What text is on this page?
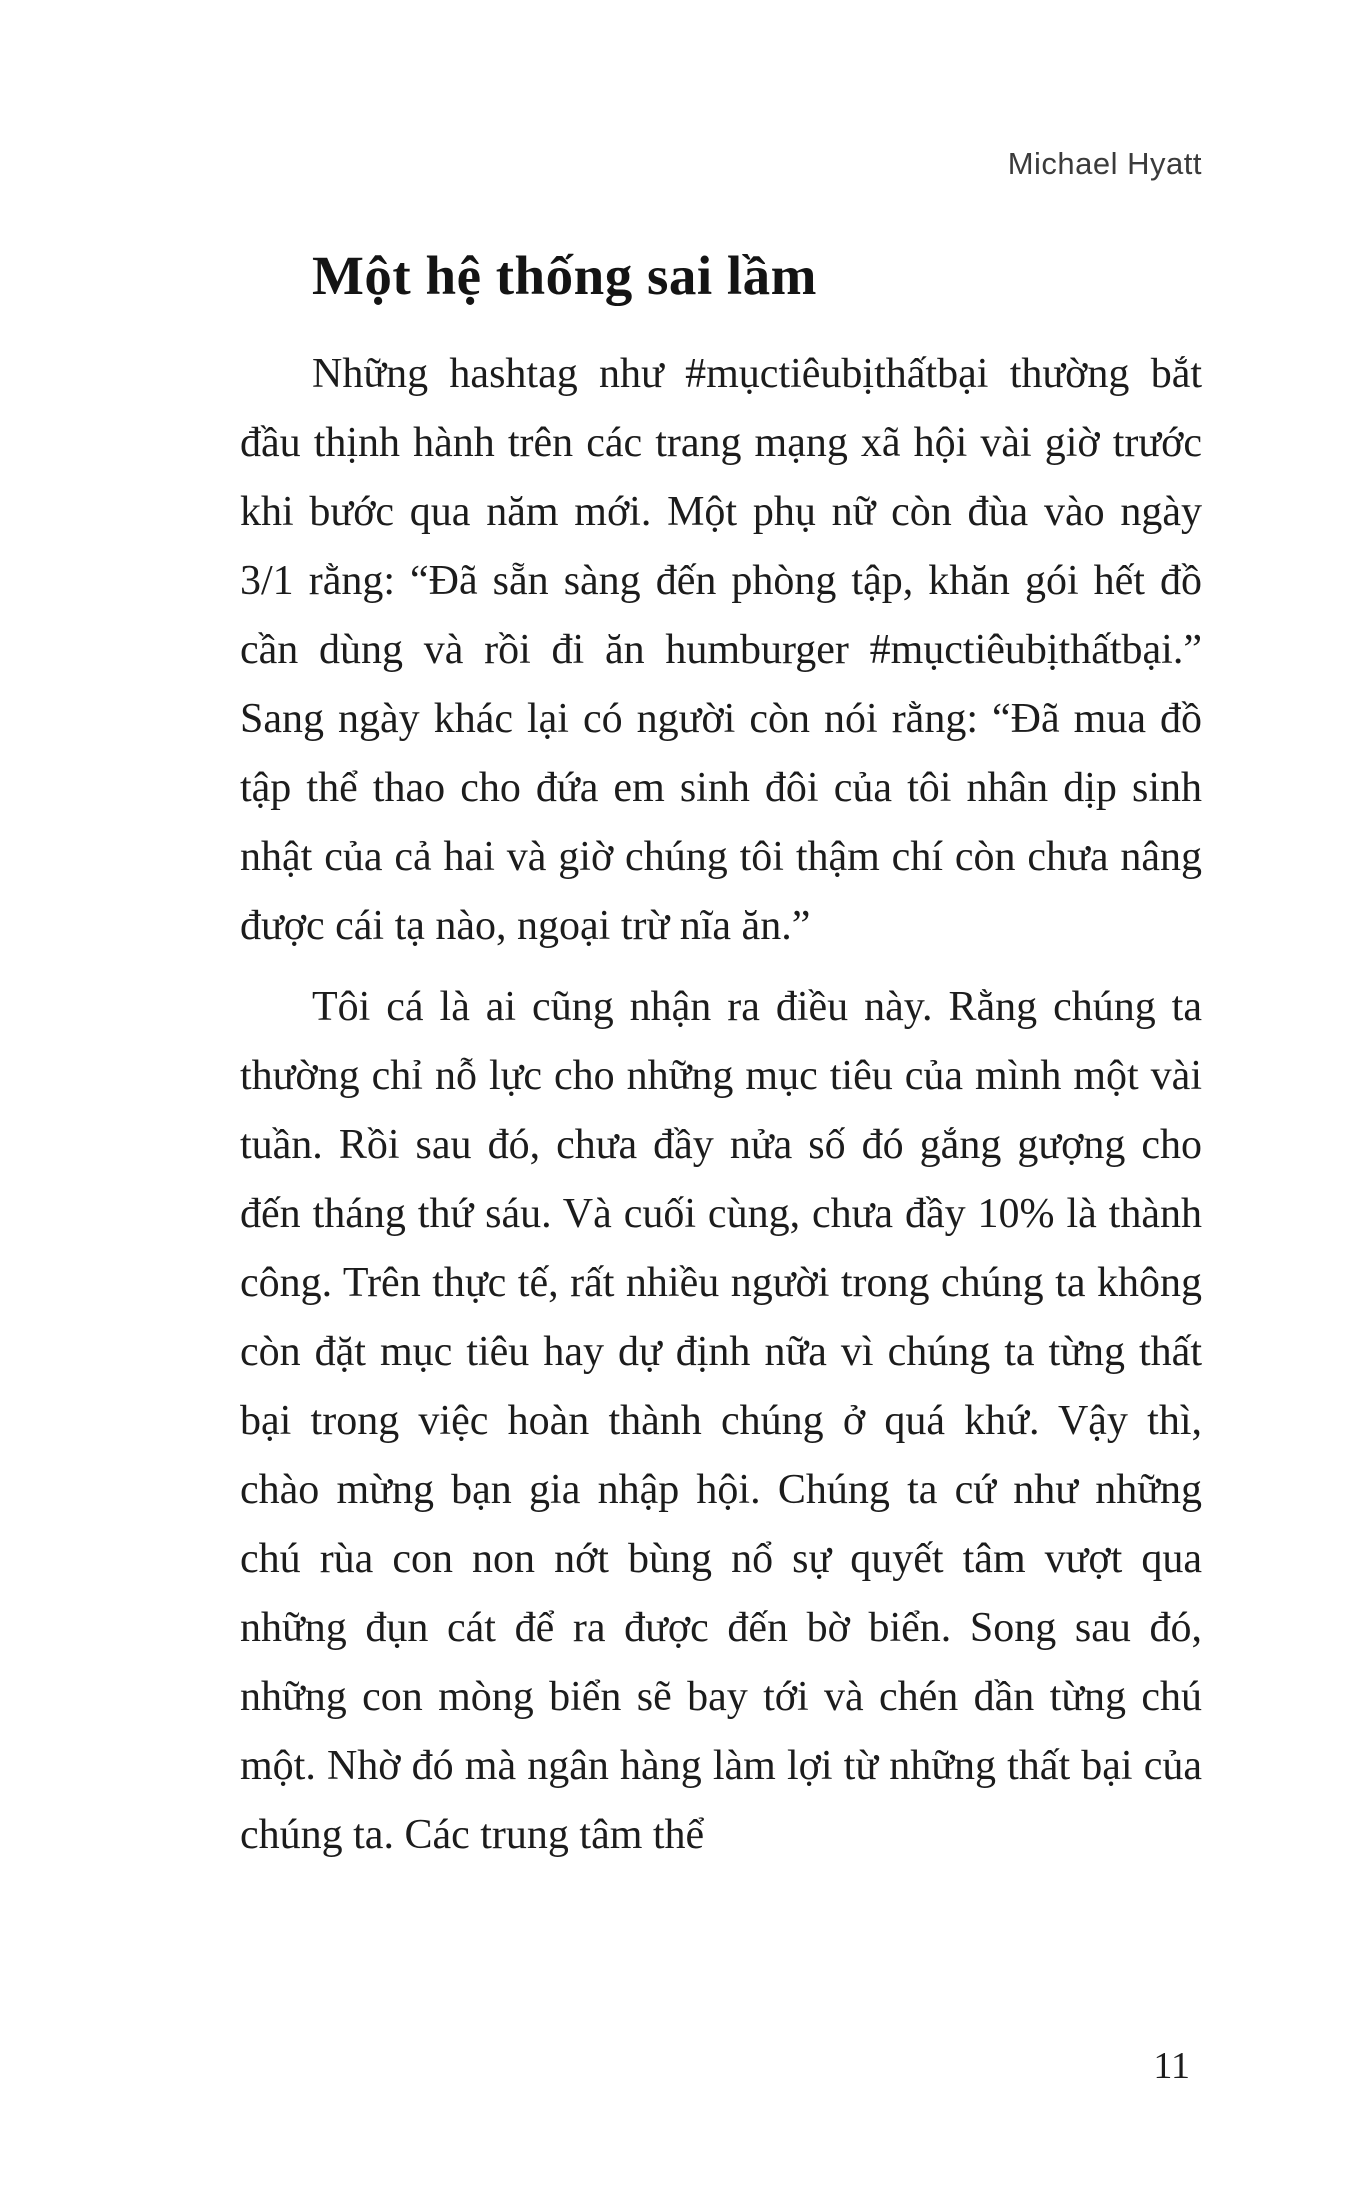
Michael Hyatt
Một hệ thống sai lầm

Những hashtag như #mụctiêubịthấtbại thường bắt đầu thịnh hành trên các trang mạng xã hội vài giờ trước khi bước qua năm mới. Một phụ nữ còn đùa vào ngày 3/1 rằng: “Đã sẵn sàng đến phòng tập, khăn gói hết đồ cần dùng và rồi đi ăn humburger #mụctiêubịthấtbại.” Sang ngày khác lại có người còn nói rằng: “Đã mua đồ tập thể thao cho đứa em sinh đôi của tôi nhân dịp sinh nhật của cả hai và giờ chúng tôi thậm chí còn chưa nâng được cái tạ nào, ngoại trừ nĩa ăn.”

Tôi cá là ai cũng nhận ra điều này. Rằng chúng ta thường chỉ nỗ lực cho những mục tiêu của mình một vài tuần. Rồi sau đó, chưa đầy nửa số đó gắng gượng cho đến tháng thứ sáu. Và cuối cùng, chưa đầy 10% là thành công. Trên thực tế, rất nhiều người trong chúng ta không còn đặt mục tiêu hay dự định nữa vì chúng ta từng thất bại trong việc hoàn thành chúng ở quá khứ. Vậy thì, chào mừng bạn gia nhập hội. Chúng ta cứ như những chú rùa con non nớt bùng nổ sự quyết tâm vượt qua những đụn cát để ra được đến bờ biển. Song sau đó, những con mòng biển sẽ bay tới và chén dần từng chú một. Nhờ đó mà ngân hàng làm lợi từ những thất bại của chúng ta. Các trung tâm thể

11
